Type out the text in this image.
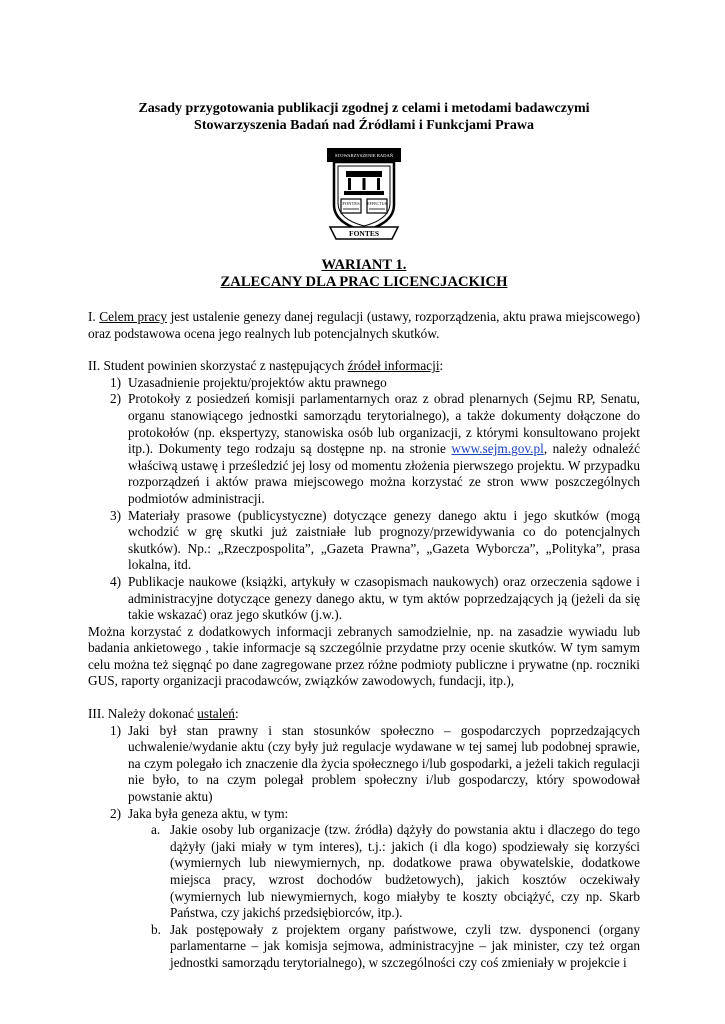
Zasady przygotowania publikacji zgodnej z celami i metodami badawczymi
Stowarzyszenia Badań nad Źródłami i Funkcjami Prawa
STOWARZYSZENIE BADAŃ
FONTES EFFECTUS
FONTES
WARIANT 1.
ZALECANY DLA PRAC LICENCJACKICH

I. Celem pracy jest ustalenie genezy danej regulacji (ustawy, rozporządzenia, aktu prawa miejscowego) oraz podstawowa ocena jego realnych lub potencjalnych skutków.

II. Student powinien skorzystać z następujących źródeł informacji:

1) Uzasadnienie projektu/projektów aktu prawnego
2) Protokoły z posiedzeń komisji parlamentarnych oraz z obrad plenarnych (Sejmu RP, Senatu, organu stanowiącego jednostki samorządu terytorialnego), a także dokumenty dołączone do protokołów (np. ekspertyzy, stanowiska osób lub organizacji, z którymi konsultowano projekt itp.). Dokumenty tego rodzaju są dostępne np. na stronie www.sejm.gov.pl, należy odnaleźć właściwą ustawę i prześledzić jej losy od momentu złożenia pierwszego projektu. W przypadku rozporządzeń i aktów prawa miejscowego można korzystać ze stron www poszczególnych podmiotów administracji.
3) Materiały prasowe (publicystyczne) dotyczące genezy danego aktu i jego skutków (mogą wchodzić w grę skutki już zaistniałe lub prognozy/przewidywania co do potencjalnych skutków). Np.: „Rzeczpospolita”, „Gazeta Prawna”, „Gazeta Wyborcza”, „Polityka”, prasa lokalna, itd.
4) Publikacje naukowe (książki, artykuły w czasopismach naukowych) oraz orzeczenia sądowe i administracyjne dotyczące genezy danego aktu, w tym aktów poprzedzających ją (jeżeli da się takie wskazać) oraz jego skutków (j.w.).

Można korzystać z dodatkowych informacji zebranych samodzielnie, np. na zasadzie wywiadu lub badania ankietowego , takie informacje są szczególnie przydatne przy ocenie skutków. W tym samym celu można też sięgnąć po dane zagregowane przez różne podmioty publiczne i prywatne (np. roczniki GUS, raporty organizacji pracodawców, związków zawodowych, fundacji, itp.),

III. Należy dokonać ustaleń:

1) Jaki był stan prawny i stan stosunków społeczno – gospodarczych poprzedzających uchwalenie/wydanie aktu (czy były już regulacje wydawane w tej samej lub podobnej sprawie, na czym polegało ich znaczenie dla życia społecznego i/lub gospodarki, a jeżeli takich regulacji nie było, to na czym polegał problem społeczny i/lub gospodarczy, który spowodował powstanie aktu)
2) Jaka była geneza aktu, w tym:
a. Jakie osoby lub organizacje (tzw. źródła) dążyły do powstania aktu i dlaczego do tego dążyły (jaki miały w tym interes), t.j.: jakich (i dla kogo) spodziewały się korzyści (wymiernych lub niewymiernych, np. dodatkowe prawa obywatelskie, dodatkowe miejsca pracy, wzrost dochodów budżetowych), jakich kosztów oczekiwały (wymiernych lub niewymiernych, kogo miałyby te koszty obciążyć, czy np. Skarb Państwa, czy jakichś przedsiębiorców, itp.).
b. Jak postępowały z projektem organy państwowe, czyli tzw. dysponenci (organy parlamentarne – jak komisja sejmowa, administracyjne – jak minister, czy też organ jednostki samorządu terytorialnego), w szczególności czy coś zmieniały w projekcie i
